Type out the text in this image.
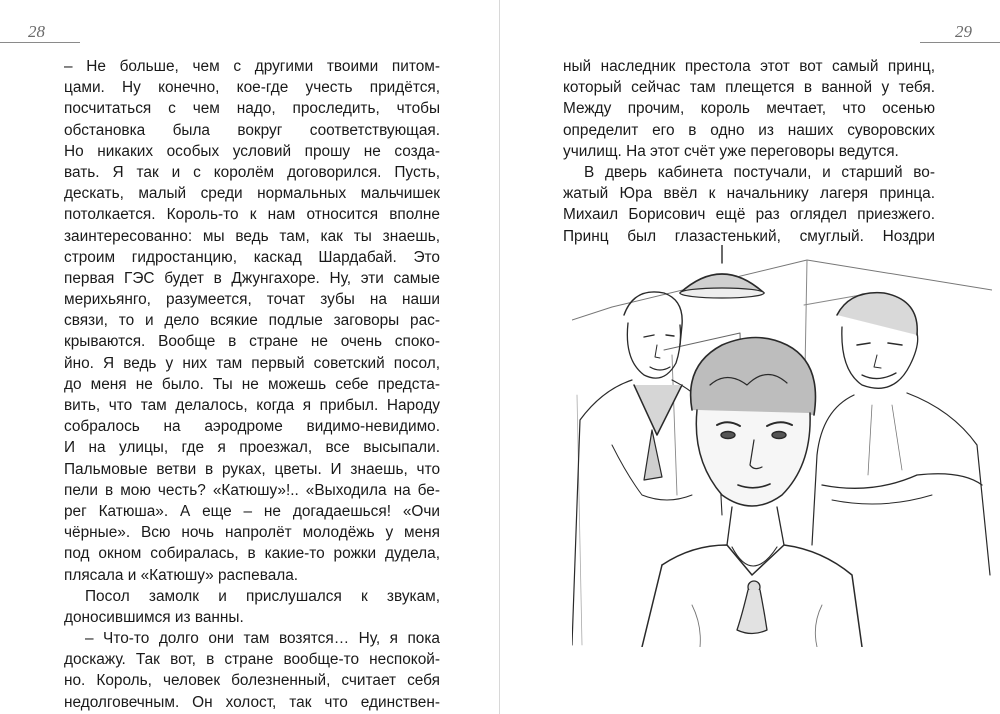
28
– Не больше, чем с другими твоими питом-
цами. Ну конечно, кое-где учесть придётся,
посчитаться с чем надо, проследить, чтобы
обстановка была вокруг соответствующая.
Но никаких особых условий прошу не созда-
вать. Я так и с королём договорился. Пусть,
дескать, малый среди нормальных мальчишек
потолкается. Король-то к нам относится вполне
заинтересованно: мы ведь там, как ты знаешь,
строим гидростанцию, каскад Шардабай. Это
первая ГЭС будет в Джунгахоре. Ну, эти самые
мерихьянго, разумеется, точат зубы на наши
связи, то и дело всякие подлые заговоры рас-
крываются. Вообще в стране не очень споко-
йно. Я ведь у них там первый советский посол,
до меня не было. Ты не можешь себе предста-
вить, что там делалось, когда я прибыл. Народу
собралось на аэродроме видимо-невидимо.
И на улицы, где я проезжал, все высыпали.
Пальмовые ветви в руках, цветы. И знаешь, что
пели в мою честь? «Катюшу»!.. «Выходила на бе-
рег Катюша». А еще – не догадаешься! «Очи
чёрные». Всю ночь напролёт молодёжь у меня
под окном собиралась, в какие-то рожки дудела,
плясала и «Катюшу» распевала.
Посол замолк и прислушался к звукам,
доносившимся из ванны.
– Что-то долго они там возятся… Ну, я пока
доскажу. Так вот, в стране вообще-то неспокой-
но. Король, человек болезненный, считает себя
недолговечным. Он холост, так что единствен-
29
ный наследник престола этот вот самый принц,
который сейчас там плещется в ванной у тебя.
Между прочим, король мечтает, что осенью
определит его в одно из наших суворовских
училищ. На этот счёт уже переговоры ведутся.
В дверь кабинета постучали, и старший во-
жатый Юра ввёл к начальнику лагеря принца.
Михаил Борисович ещё раз оглядел приезжего.
Принц был глазастенький, смуглый. Ноздри
